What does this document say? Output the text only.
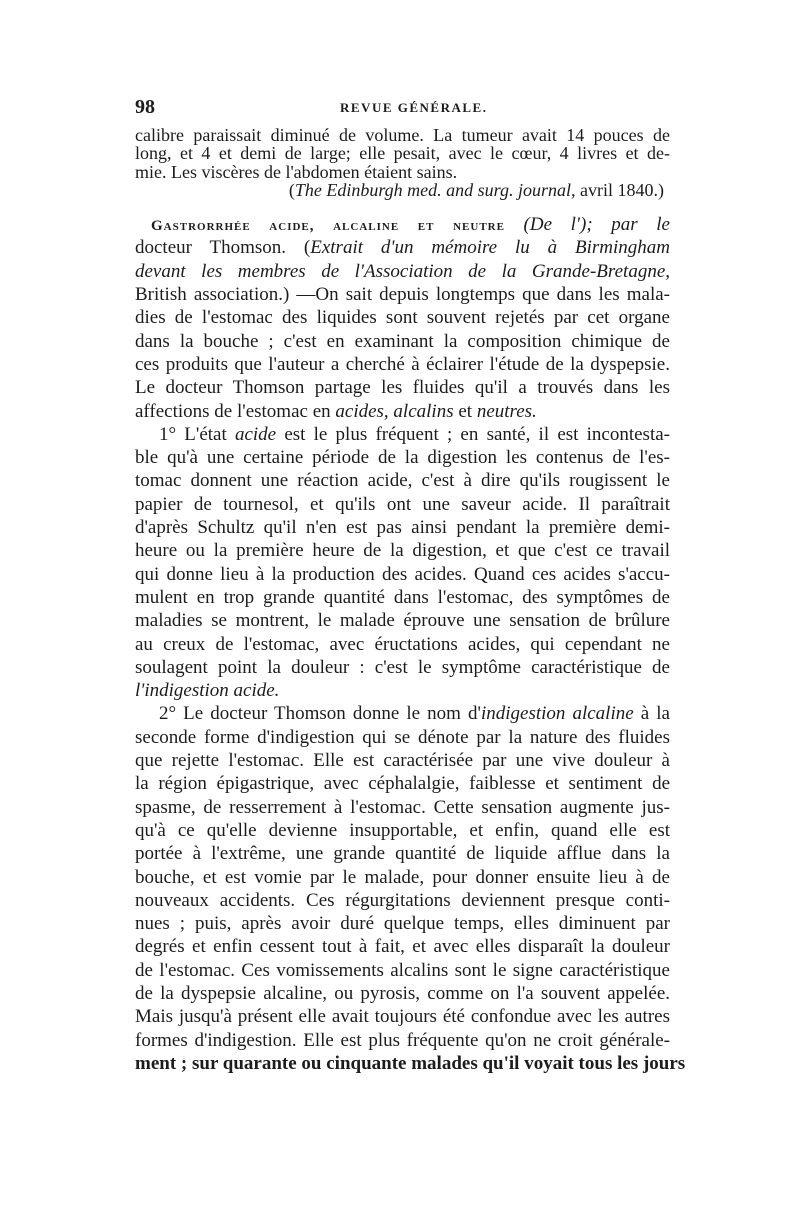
98	REVUE GÉNÉRALE.
calibre paraissait diminué de volume. La tumeur avait 14 pouces de
long, et 4 et demi de large; elle pesait, avec le cœur, 4 livres et de-
mie. Les viscères de l'abdomen étaient sains.
(The Edinburgh med. and surg. journal, avril 1840.)
Gastrorrhée acide, alcaline et neutre (De l'); par le
docteur Thomson. (Extrait d'un mémoire lu à Birmingham
devant les membres de l'Association de la Grande-Bretagne,
British association.) —On sait depuis longtemps que dans les mala-
dies de l'estomac des liquides sont souvent rejetés par cet organe
dans la bouche ; c'est en examinant la composition chimique de
ces produits que l'auteur a cherché à éclairer l'étude de la dyspepsie.
Le docteur Thomson partage les fluides qu'il a trouvés dans les
affections de l'estomac en acides, alcalins et neutres.
1° L'état acide est le plus fréquent ; en santé, il est incontesta-
ble qu'à une certaine période de la digestion les contenus de l'es-
tomac donnent une réaction acide, c'est à dire qu'ils rougissent le
papier de tournesol, et qu'ils ont une saveur acide. Il paraîtrait
d'après Schultz qu'il n'en est pas ainsi pendant la première demi-
heure ou la première heure de la digestion, et que c'est ce travail
qui donne lieu à la production des acides. Quand ces acides s'accu-
mulent en trop grande quantité dans l'estomac, des symptômes de
maladies se montrent, le malade éprouve une sensation de brûlure
au creux de l'estomac, avec éructations acides, qui cependant ne
soulagent point la douleur : c'est le symptôme caractéristique de
l'indigestion acide.
2° Le docteur Thomson donne le nom d'indigestion alcaline à la
seconde forme d'indigestion qui se dénote par la nature des fluides
que rejette l'estomac. Elle est caractérisée par une vive douleur à
la région épigastrique, avec céphalalgie, faiblesse et sentiment de
spasme, de resserrement à l'estomac. Cette sensation augmente jus-
qu'à ce qu'elle devienne insupportable, et enfin, quand elle est
portée à l'extrême, une grande quantité de liquide afflue dans la
bouche, et est vomie par le malade, pour donner ensuite lieu à de
nouveaux accidents. Ces régurgitations deviennent presque conti-
nues ; puis, après avoir duré quelque temps, elles diminuent par
degrés et enfin cessent tout à fait, et avec elles disparaît la douleur
de l'estomac. Ces vomissements alcalins sont le signe caractéristique
de la dyspepsie alcaline, ou pyrosis, comme on l'a souvent appelée.
Mais jusqu'à présent elle avait toujours été confondue avec les autres
formes d'indigestion. Elle est plus fréquente qu'on ne croit générale-
ment ; sur quarante ou cinquante malades qu'il voyait tous les jours
